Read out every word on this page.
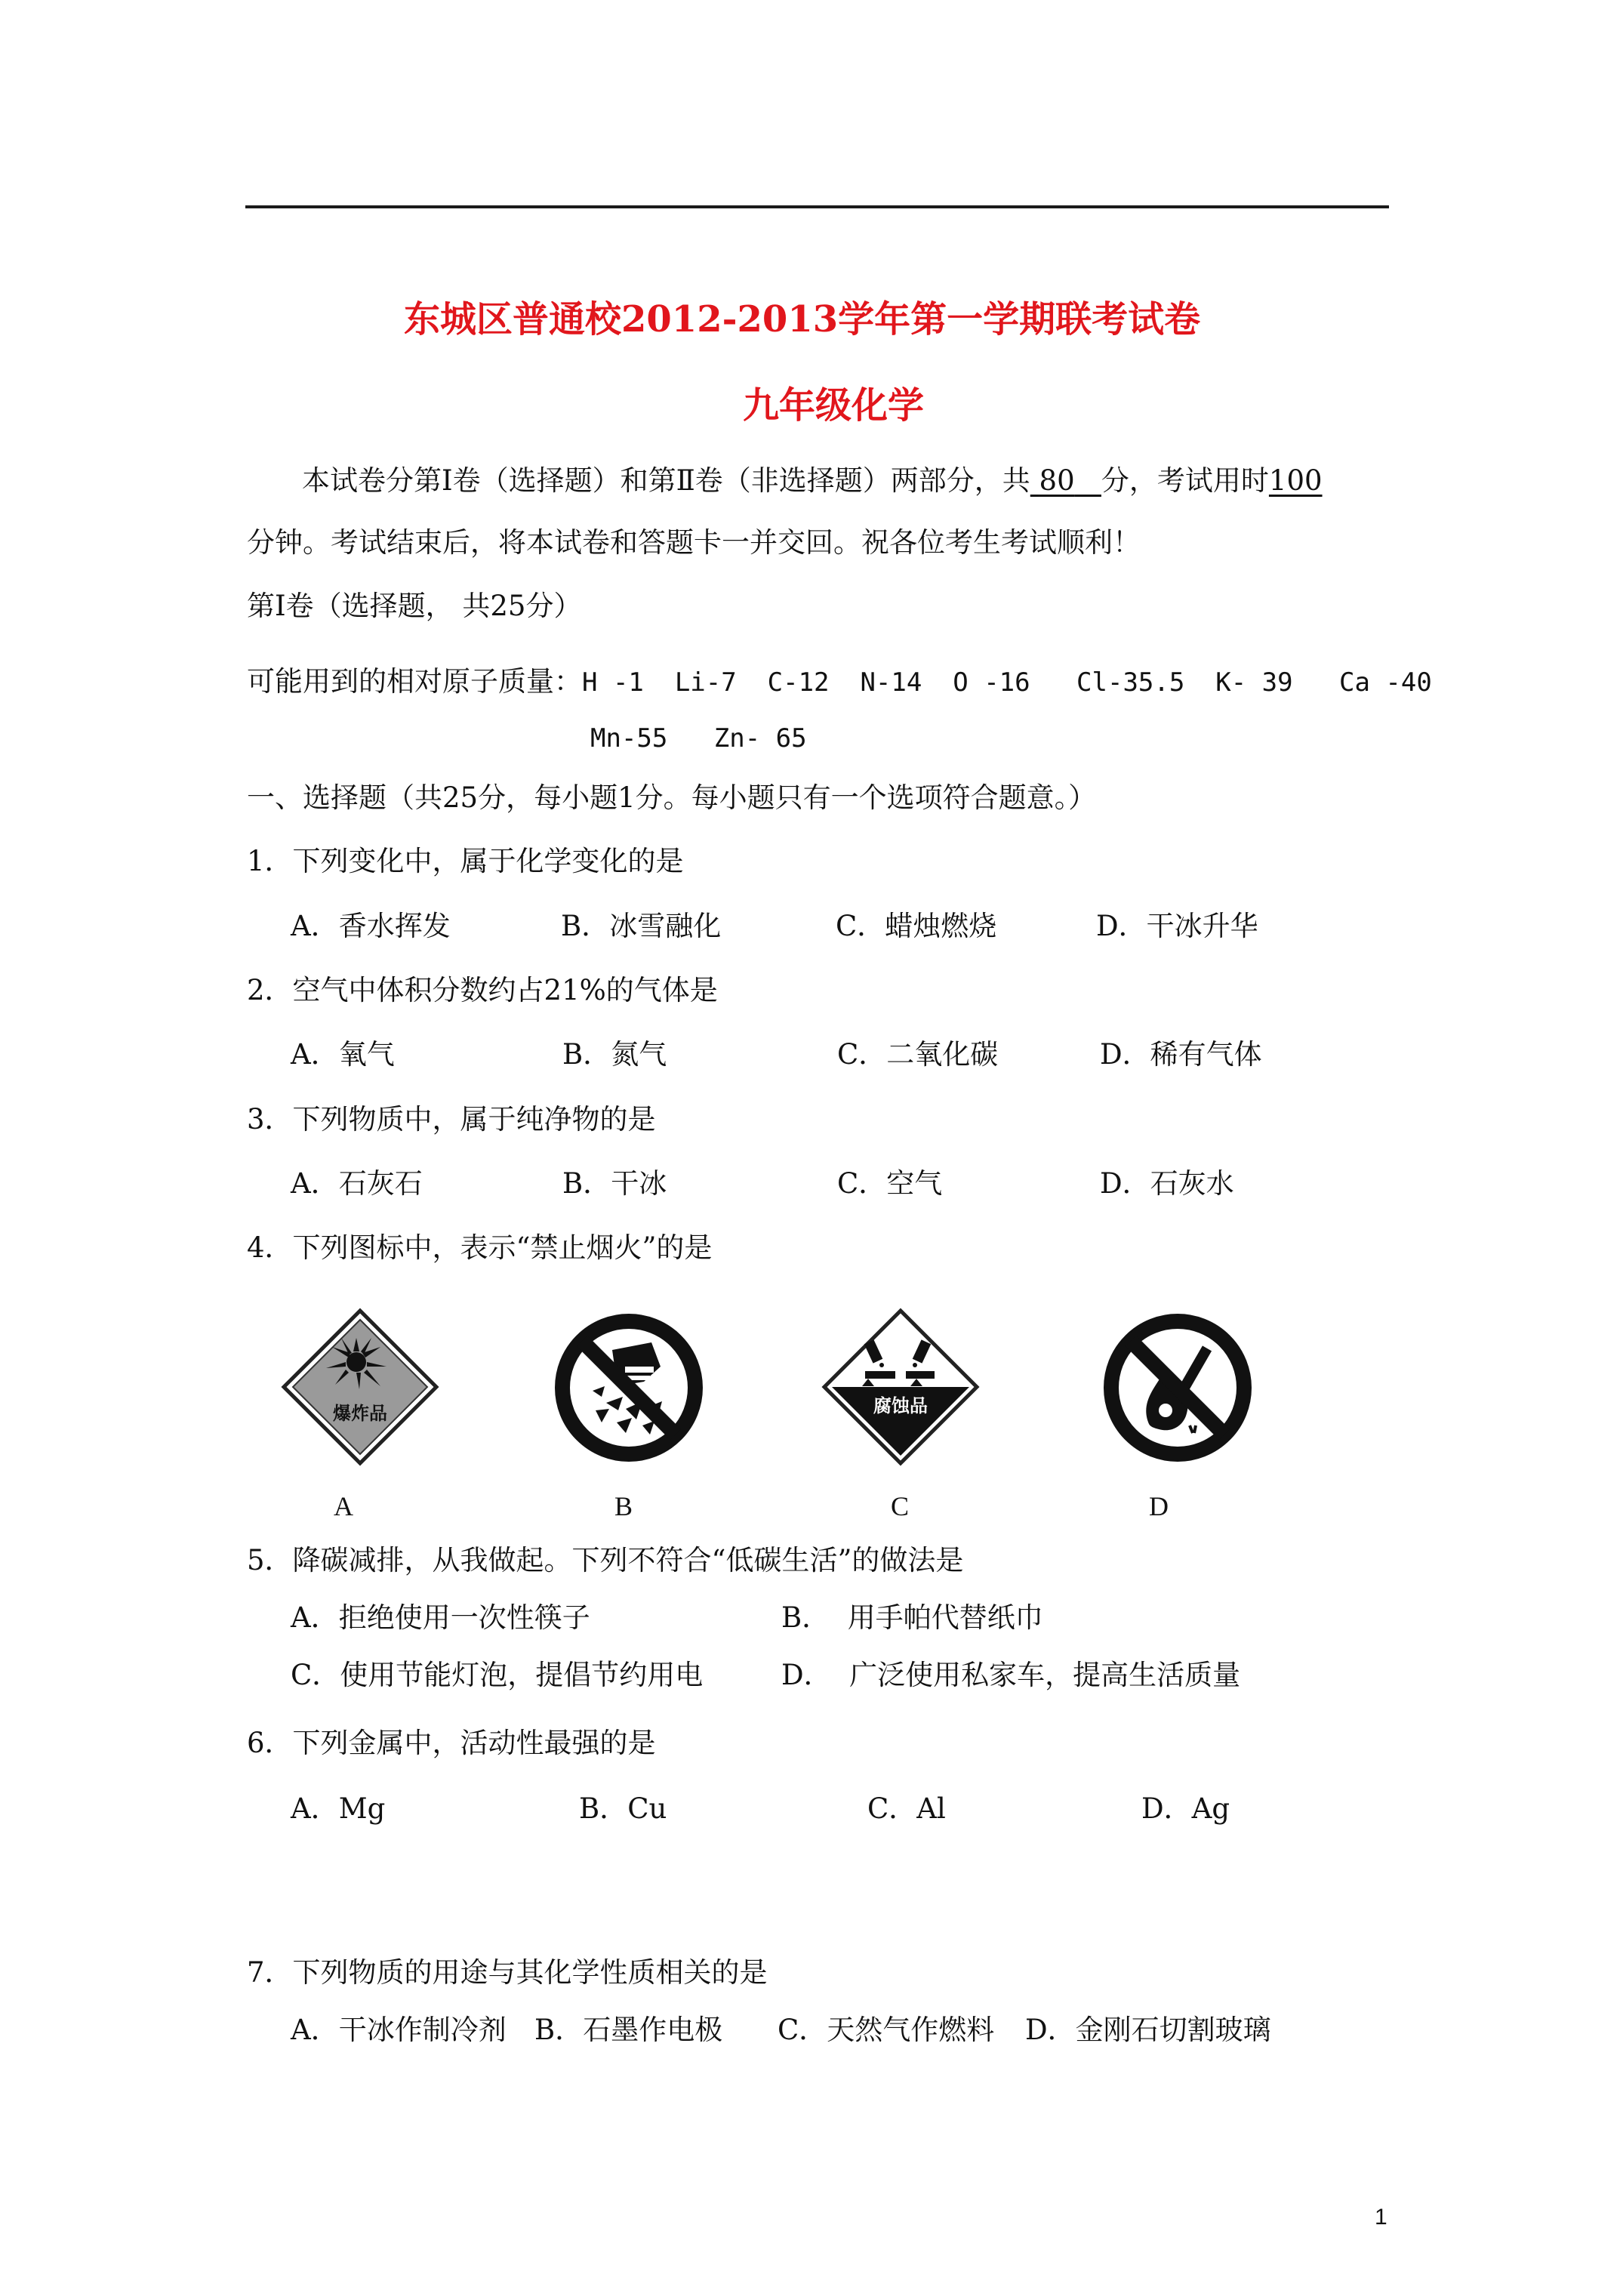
东城区普通校2012-2013学年第一学期联考试卷
九年级化学
本试卷分第Ⅰ卷（选择题）和第Ⅱ卷（非选择题）两部分，共 80 分，考试用时100
分钟。考试结束后，将本试卷和答题卡一并交回。祝各位考生考试顺利！
第Ⅰ卷（选择题， 共25分）
可能用到的相对原子质量：H -1  Li-7  C-12  N-14  O -16   Cl-35.5  K- 39   Ca -40
Mn-55   Zn- 65
一、选择题（共25分，每小题1分。每小题只有一个选项符合题意。）
1．下列变化中，属于化学变化的是
A．香水挥发	B．冰雪融化	C．蜡烛燃烧	D．干冰升华
2．空气中体积分数约占21%的气体是
A．氧气	B．氮气	C．二氧化碳	D．稀有气体
3．下列物质中，属于纯净物的是
A．石灰石	B．干冰	C．空气	D．石灰水
4．下列图标中，表示“禁止烟火”的是
爆炸品	腐蚀品
A	B	C	D
5．降碳减排，从我做起。下列不符合“低碳生活”的做法是
A．拒绝使用一次性筷子	B．  用手帕代替纸巾
C．使用节能灯泡，提倡节约用电	D．  广泛使用私家车，提高生活质量
6．下列金属中，活动性最强的是
A．Mg	B．Cu	C．Al	D．Ag
7．下列物质的用途与其化学性质相关的是
A．干冰作制冷剂 B．石墨作电极 C．天然气作燃料 D．金刚石切割玻璃
1
